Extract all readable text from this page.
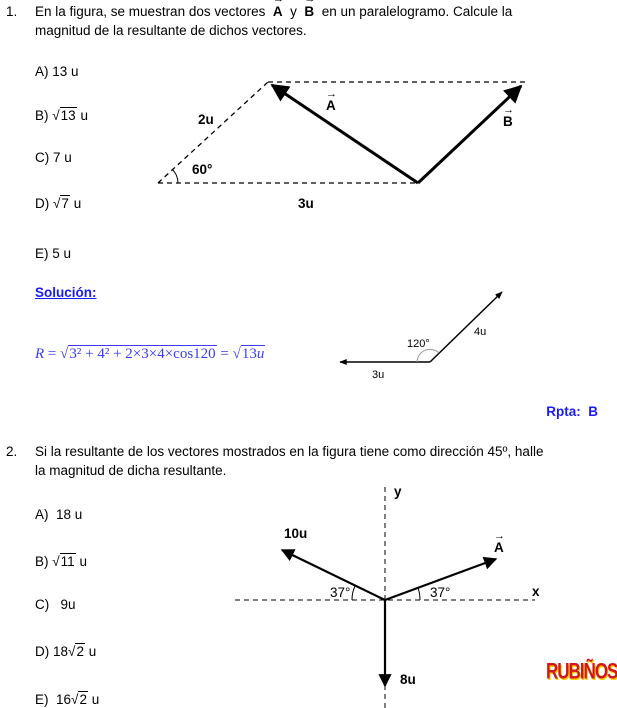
1. En la figura, se muestran dos vectores → A y → B en un paralelogramo. Calcule la
magnitud de la resultante de dichos vectores.
A) 13 u
B) √13 u
C) 7 u
D) √7 u
E) 5 u
2u
60°
3u
→ A
→ B
Solución:
R = √3² + 4² + 2×3×4×cos120 = √13u
120°
4u
3u
Rpta:  B
2. Si la resultante de los vectores mostrados en la figura tiene como dirección 45º, halle
la magnitud de dicha resultante.
A) 18 u
B) √11 u
C) 9u
D) 18√2 u
E) 16√2 u
y
x
10u
→ A
37°	37°
8u	RUBIÑOS
